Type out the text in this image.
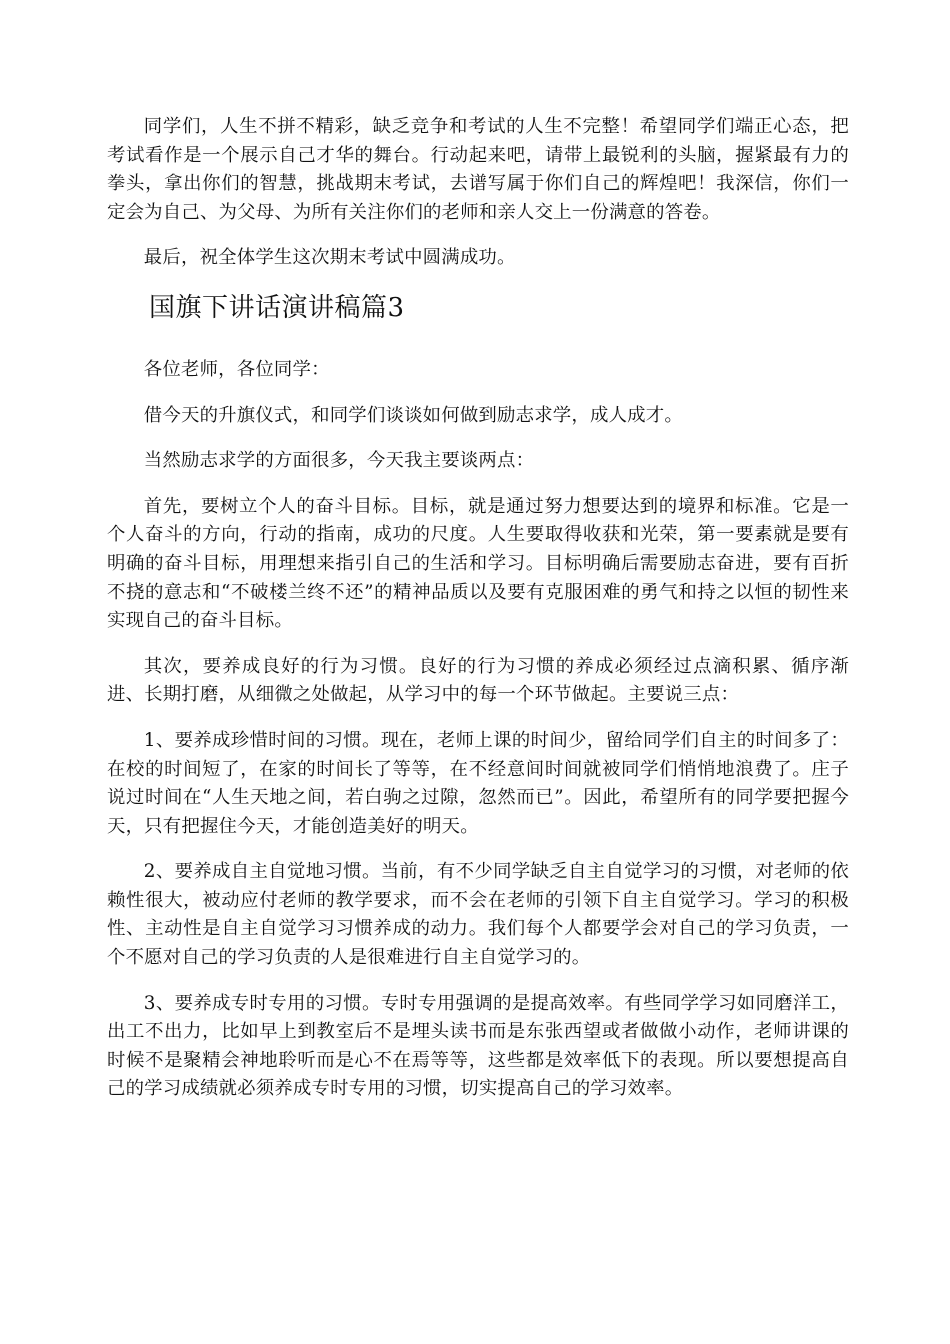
同学们，人生不拼不精彩，缺乏竞争和考试的人生不完整！希望同学们端正心态，把考试看作是一个展示自己才华的舞台。行动起来吧，请带上最锐利的头脑，握紧最有力的拳头，拿出你们的智慧，挑战期末考试，去谱写属于你们自己的辉煌吧！我深信，你们一定会为自己、为父母、为所有关注你们的老师和亲人交上一份满意的答卷。

最后，祝全体学生这次期末考试中圆满成功。

国旗下讲话演讲稿篇3

各位老师，各位同学：

借今天的升旗仪式，和同学们谈谈如何做到励志求学，成人成才。

当然励志求学的方面很多，今天我主要谈两点：

首先，要树立个人的奋斗目标。目标，就是通过努力想要达到的境界和标准。它是一个人奋斗的方向，行动的指南，成功的尺度。人生要取得收获和光荣，第一要素就是要有明确的奋斗目标，用理想来指引自己的生活和学习。目标明确后需要励志奋进，要有百折不挠的意志和“不破楼兰终不还”的精神品质以及要有克服困难的勇气和持之以恒的韧性来实现自己的奋斗目标。

其次，要养成良好的行为习惯。良好的行为习惯的养成必须经过点滴积累、循序渐进、长期打磨，从细微之处做起，从学习中的每一个环节做起。主要说三点：

1、要养成珍惜时间的习惯。现在，老师上课的时间少，留给同学们自主的时间多了：在校的时间短了，在家的时间长了等等，在不经意间时间就被同学们悄悄地浪费了。庄子说过时间在“人生天地之间，若白驹之过隙，忽然而已”。因此，希望所有的同学要把握今天，只有把握住今天，才能创造美好的明天。

2、要养成自主自觉地习惯。当前，有不少同学缺乏自主自觉学习的习惯，对老师的依赖性很大，被动应付老师的教学要求，而不会在老师的引领下自主自觉学习。学习的积极性、主动性是自主自觉学习习惯养成的动力。我们每个人都要学会对自己的学习负责，一个不愿对自己的学习负责的人是很难进行自主自觉学习的。

3、要养成专时专用的习惯。专时专用强调的是提高效率。有些同学学习如同磨洋工，出工不出力，比如早上到教室后不是埋头读书而是东张西望或者做做小动作，老师讲课的时候不是聚精会神地聆听而是心不在焉等等，这些都是效率低下的表现。所以要想提高自己的学习成绩就必须养成专时专用的习惯，切实提高自己的学习效率。
